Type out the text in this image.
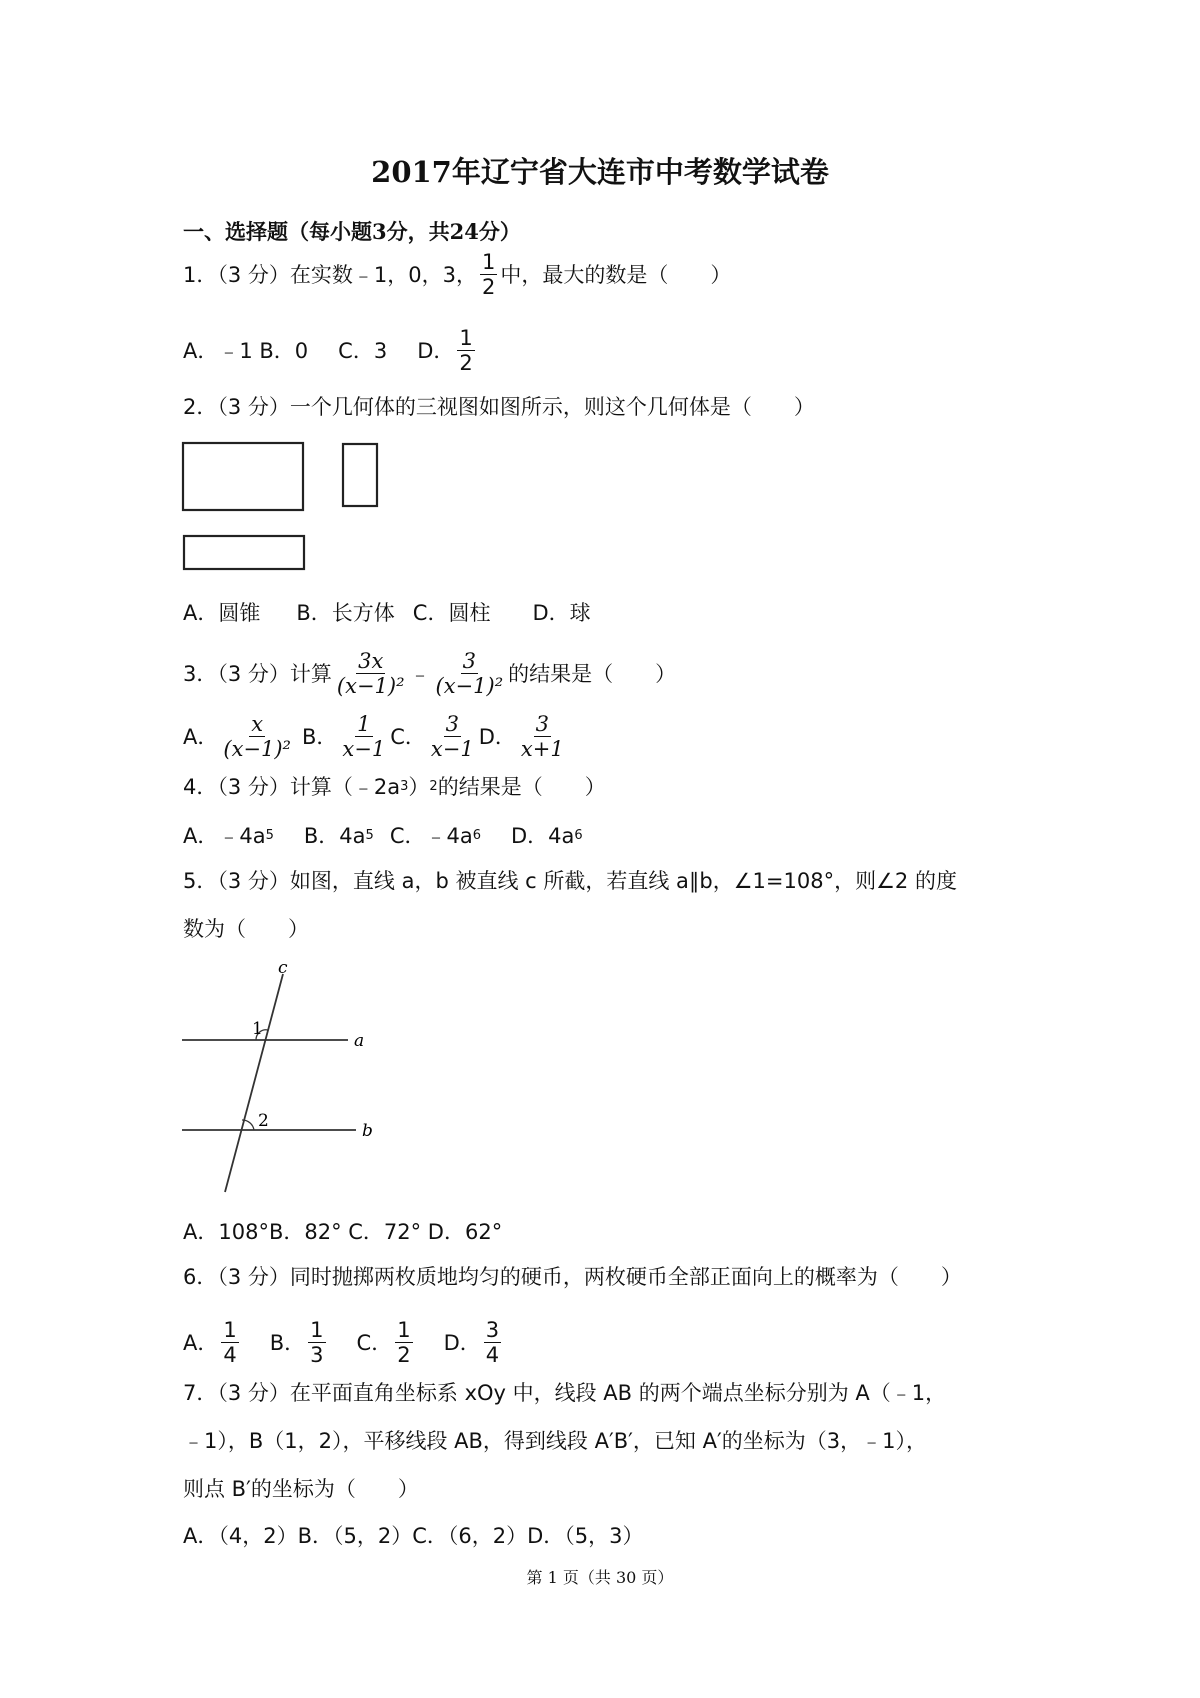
2017年辽宁省大连市中考数学试卷
一、选择题（每小题3分，共24分）
1．（3 分）在实数﹣1，0，3， $\frac{1}{2}$ 中，最大的数是（　　）
A．﹣1 B．0 C．3 D． $\frac{1}{2}$
2．（3 分）一个几何体的三视图如图所示，则这个几何体是（　　）
A．圆锥 B．长方体 C．圆柱 D．球
3．（3 分）计算 $\frac{\text{3𝑥}}{\text{(𝑥−1)²}}$ ﹣ $\frac{3}{\text{(𝑥−1)²}}$ 的结果是（　　）
A． $\frac{\text{𝑥}}{\text{(𝑥−1)²}}$ B． $\frac{1}{\text{𝑥−1}}$ C． $\frac{3}{\text{𝑥−1}}$ D． $\frac{3}{\text{𝑥+1}}$
4．（3 分）计算（﹣2a 3 ） 2 的结果是（　　）
A．﹣4a 5 B．4a 5 C．﹣4a 6 D．4a 6
5．（3 分）如图，直线 a，b 被直线 c 所截，若直线 a∥b，∠1=108°，则∠2 的度
数为（　　）
c
a
b
1
2
A．108°B．82° C．72° D．62°
6．（3 分）同时抛掷两枚质地均匀的硬币，两枚硬币全部正面向上的概率为（　　）
A． $\frac{1}{4}$ B． $\frac{1}{3}$ C． $\frac{1}{2}$ D． $\frac{3}{4}$
7．（3 分）在平面直角坐标系 xOy 中，线段 AB 的两个端点坐标分别为 A（﹣1，
﹣1），B（1，2），平移线段 AB，得到线段 A′B′，已知 A′的坐标为（3，﹣1），
则点 B′的坐标为（　　）
A．（4，2）B．（5，2）C．（6，2）D．（5，3）
第 1 页（共 30 页）
